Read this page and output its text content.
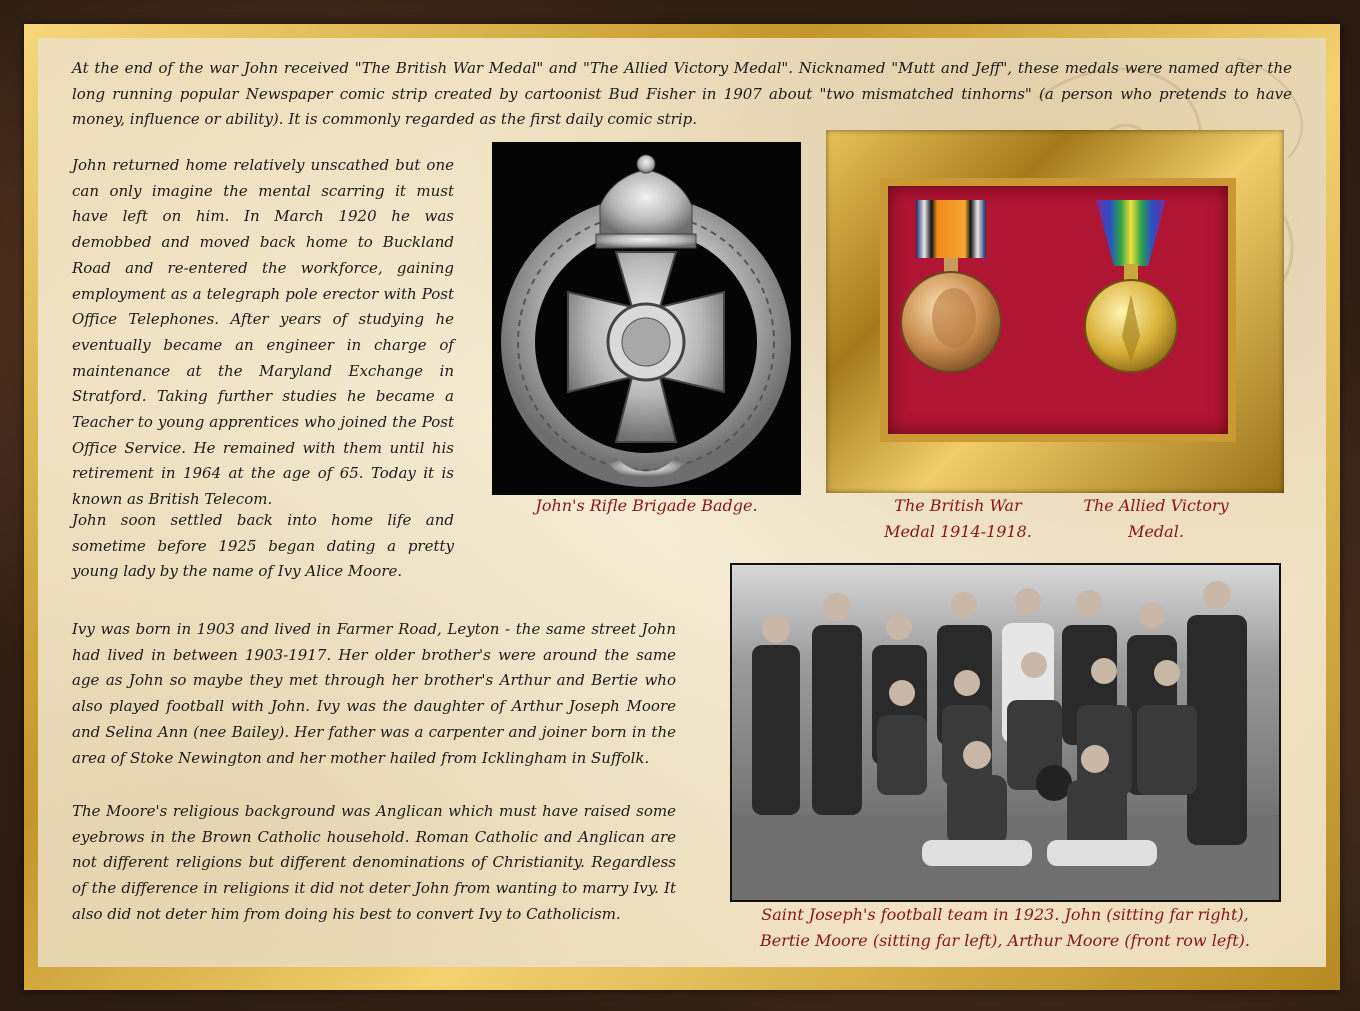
At the end of the war John received "The British War Medal" and "The Allied Victory Medal". Nicknamed "Mutt and Jeff", these medals were named after the long running popular Newspaper comic strip created by cartoonist Bud Fisher in 1907 about "two mismatched tinhorns" (a person who pretends to have money, influence or ability). It is commonly regarded as the first daily comic strip.

John returned home relatively unscathed but one can only imagine the mental scarring it must have left on him. In March 1920 he was demobbed and moved back home to Buckland Road and re-entered the workforce, gaining employment as a telegraph pole erector with Post Office Telephones. After years of studying he eventually became an engineer in charge of maintenance at the Maryland Exchange in Stratford. Taking further studies he became a Teacher to young apprentices who joined the Post Office Service. He remained with them until his retirement in 1964 at the age of 65. Today it is known as British Telecom.	John's Rifle Brigade Badge.	The British War
Medal 1914-1918.

The Allied Victory
Medal.

John soon settled back into home life and sometime before 1925 began dating a pretty young lady by the name of Ivy Alice Moore.

Ivy was born in 1903 and lived in Farmer Road, Leyton - the same street John had lived in between 1903-1917. Her older brother's were around the same age as John so maybe they met through her brother's Arthur and Bertie who also played football with John. Ivy was the daughter of Arthur Joseph Moore and Selina Ann (nee Bailey). Her father was a carpenter and joiner born in the area of Stoke Newington and her mother hailed from Icklingham in Suffolk.

The Moore's religious background was Anglican which must have raised some eyebrows in the Brown Catholic household. Roman Catholic and Anglican are not different religions but different denominations of Christianity. Regardless of the difference in religions it did not deter John from wanting to marry Ivy. It also did not deter him from doing his best to convert Ivy to Catholicism.	Saint Joseph's football team in 1923. John (sitting far right),
Bertie Moore (sitting far left), Arthur Moore (front row left).
